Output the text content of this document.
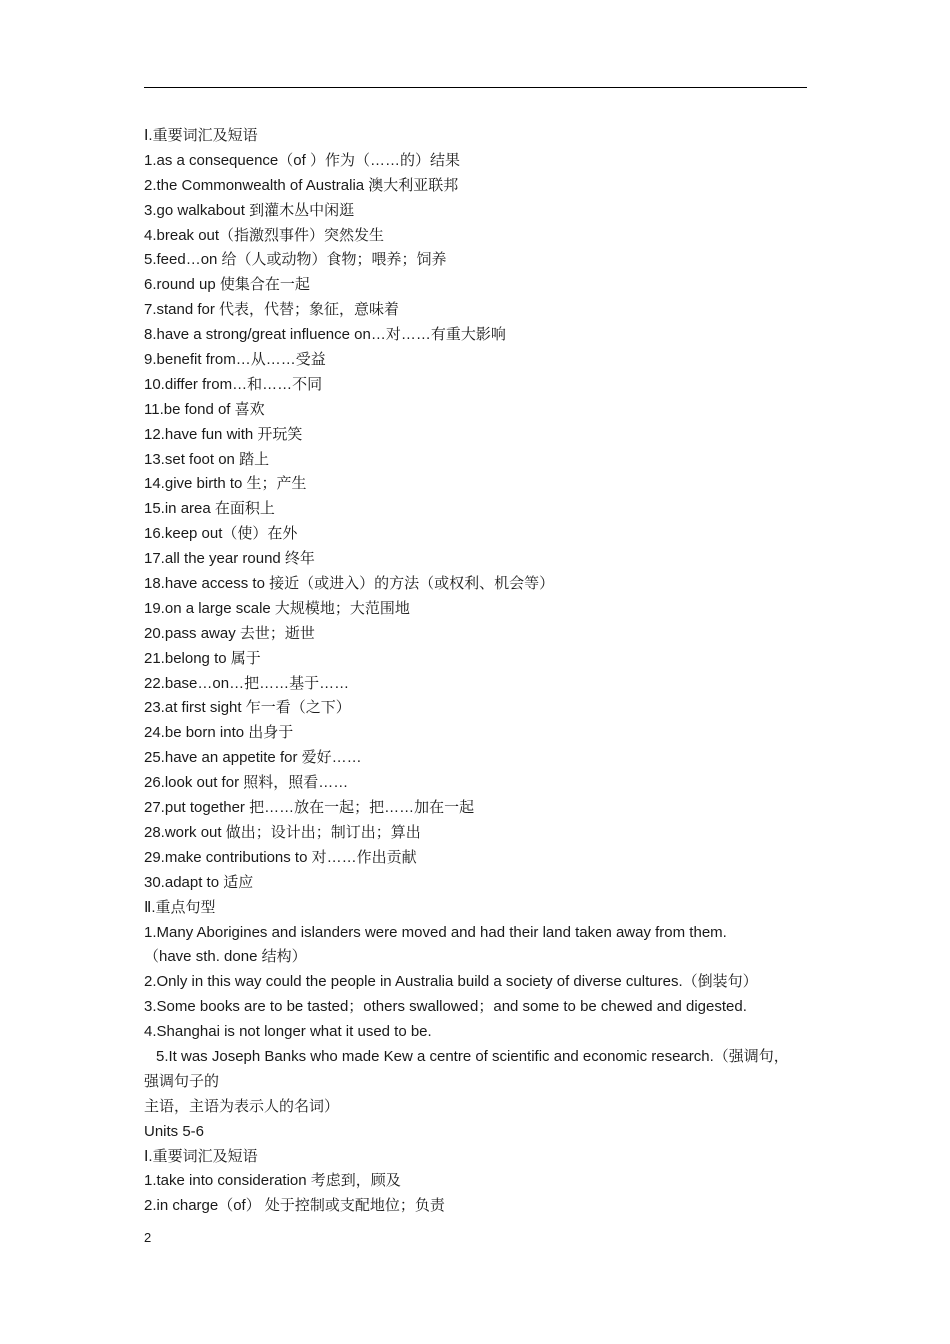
Ⅰ.重要词汇及短语
1.as a consequence（of ）作为（……的）结果
2.the Commonwealth of Australia 澳大利亚联邦
3.go walkabout 到灌木丛中闲逛
4.break out（指激烈事件）突然发生
5.feed…on 给（人或动物）食物；喂养；饲养
6.round up 使集合在一起
7.stand for 代表，代替；象征，意味着
8.have a strong/great influence on…对……有重大影响
9.benefit from…从……受益
10.differ from…和……不同
11.be fond of 喜欢
12.have fun with 开玩笑
13.set foot on 踏上
14.give birth to 生；产生
15.in area 在面积上
16.keep out（使）在外
17.all the year round 终年
18.have access to 接近（或进入）的方法（或权利、机会等）
19.on a large scale 大规模地；大范围地
20.pass away 去世；逝世
21.belong to 属于
22.base…on…把……基于……
23.at first sight 乍一看（之下）
24.be born into 出身于
25.have an appetite for 爱好……
26.look out for 照料，照看……
27.put together 把……放在一起；把……加在一起
28.work out 做出；设计出；制订出；算出
29.make contributions to 对……作出贡献
30.adapt to 适应
Ⅱ.重点句型
1.Many Aborigines and islanders were moved and had their land taken away from them.
（have sth. done 结构）
2.Only in this way could the people in Australia build a society of diverse cultures.（倒装句）
3.Some books are to be tasted；others swallowed；and some to be chewed and digested.
4.Shanghai is not longer what it used to be.
5.It was Joseph Banks who made Kew a centre of scientific and economic research.（强调句，
强调句子的
主语，主语为表示人的名词）
Units 5-6
Ⅰ.重要词汇及短语
1.take into consideration 考虑到，顾及
2.in charge（of） 处于控制或支配地位；负责
2
